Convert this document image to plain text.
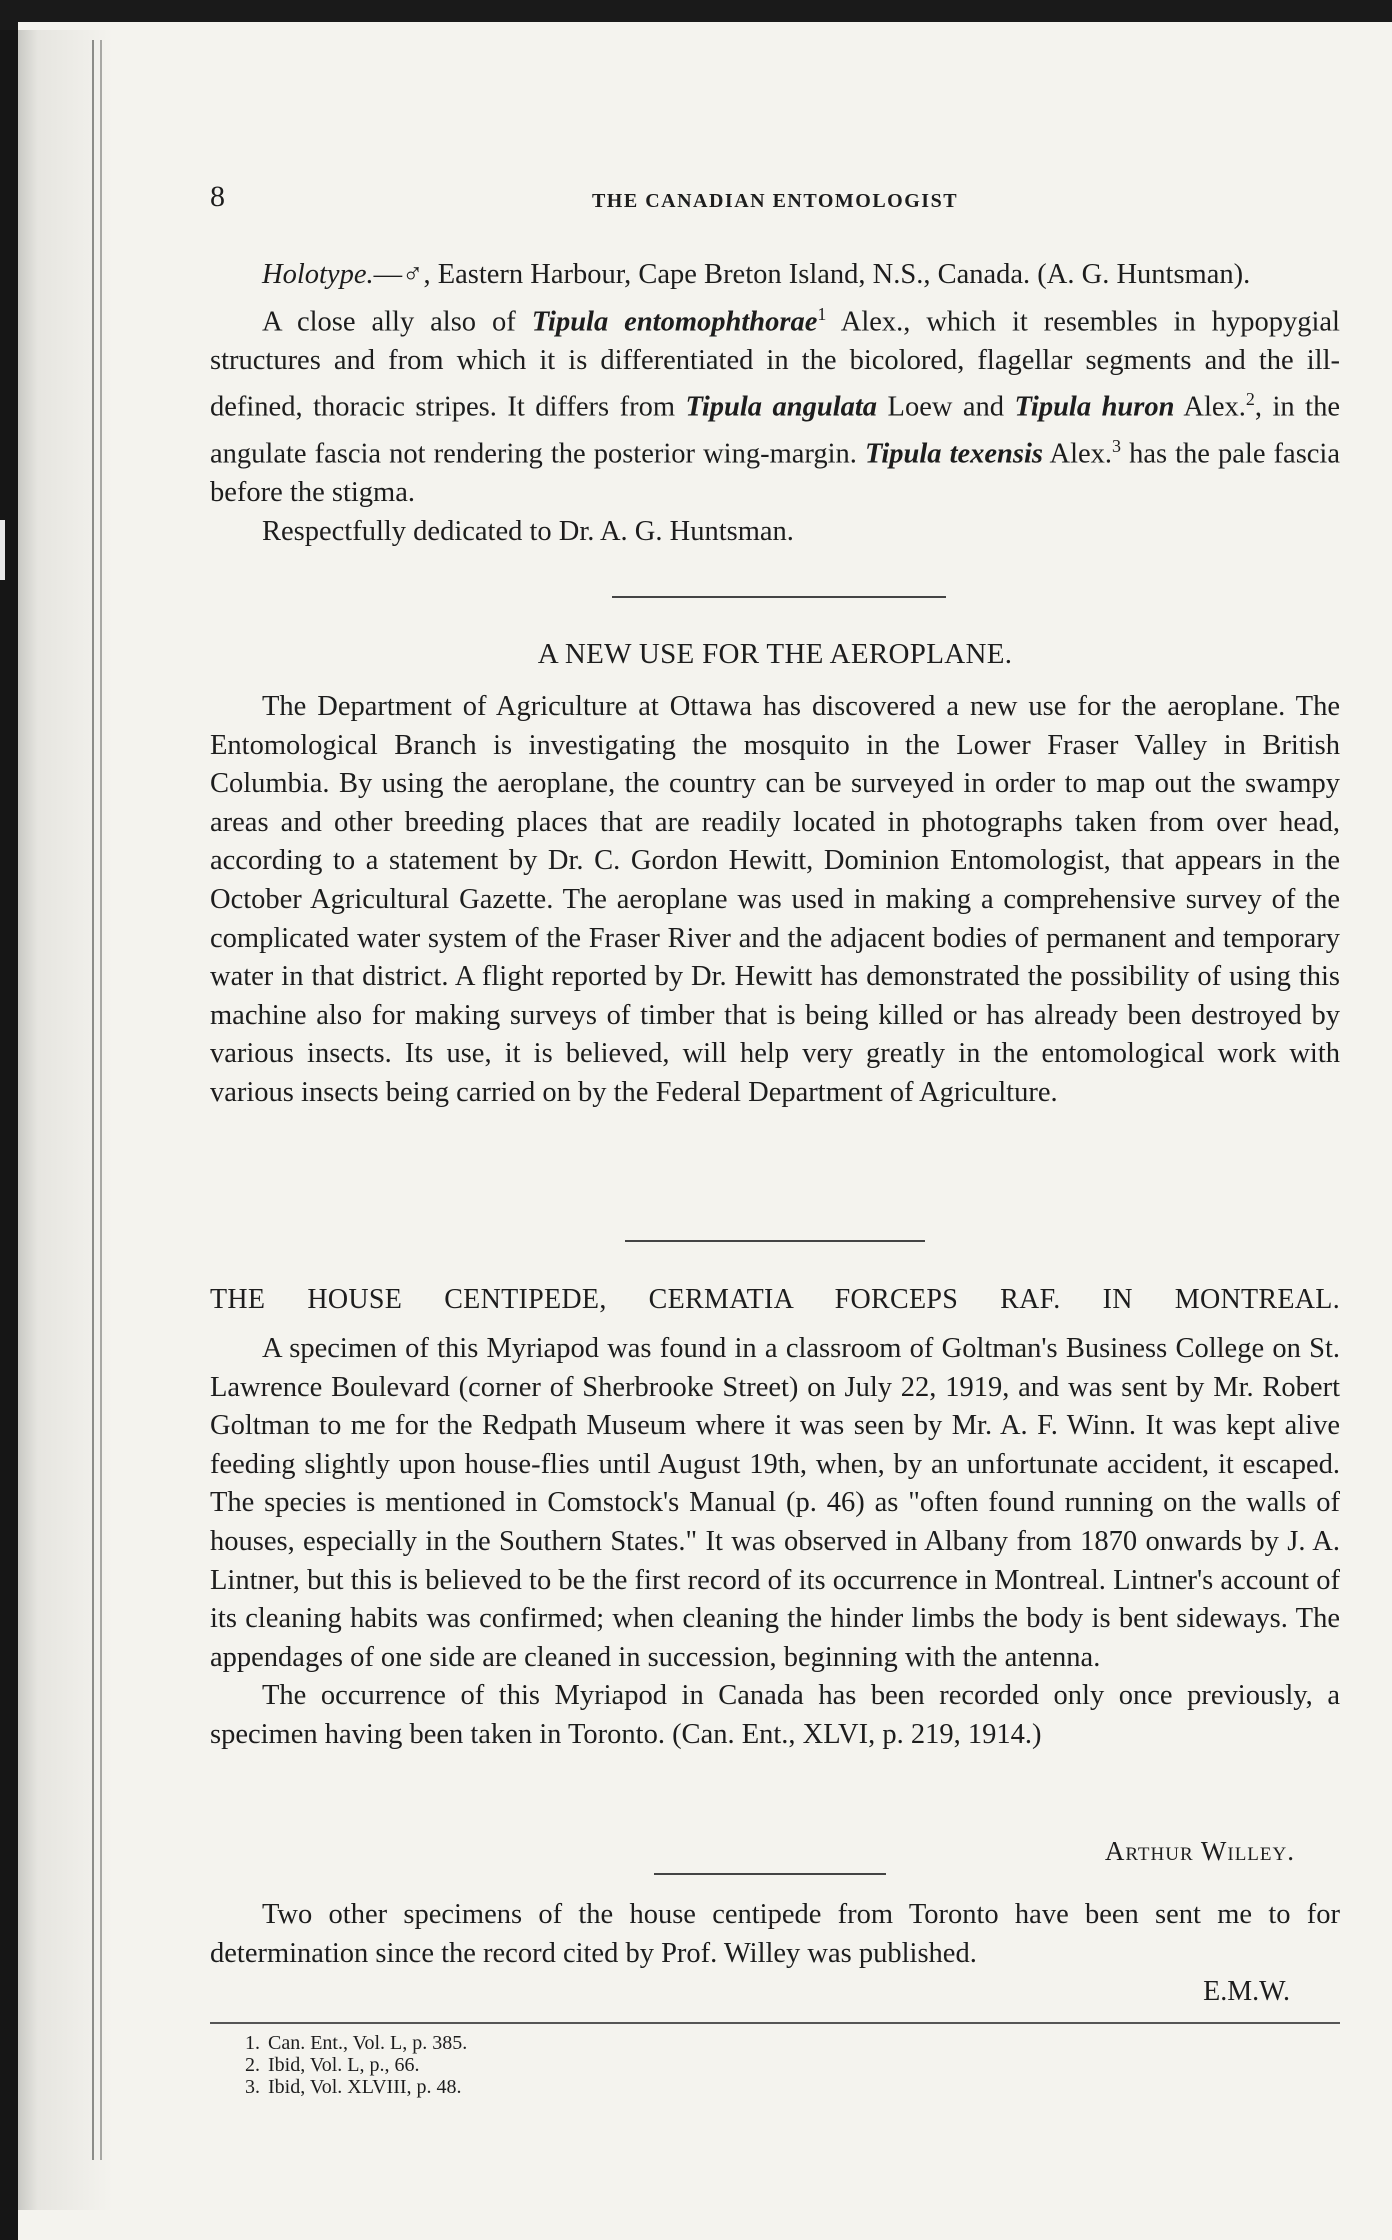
8	THE CANADIAN ENTOMOLOGIST

Holotype.—♂, Eastern Harbour, Cape Breton Island, N.S., Canada. (A. G. Huntsman).

A close ally also of Tipula entomophthorae$^1$ Alex., which it resembles in hypopygial structures and from which it is differentiated in the bicolored, flagellar segments and the ill-defined, thoracic stripes. It differs from Tipula angulata Loew and Tipula huron Alex.$^2$, in the angulate fascia not rendering the posterior wing-margin. Tipula texensis Alex.$^3$ has the pale fascia before the stigma.

Respectfully dedicated to Dr. A. G. Huntsman.

A NEW USE FOR THE AEROPLANE.

The Department of Agriculture at Ottawa has discovered a new use for the aeroplane. The Entomological Branch is investigating the mosquito in the Lower Fraser Valley in British Columbia. By using the aeroplane, the country can be surveyed in order to map out the swampy areas and other breeding places that are readily located in photographs taken from over head, according to a statement by Dr. C. Gordon Hewitt, Dominion Entomologist, that appears in the October Agricultural Gazette. The aeroplane was used in making a comprehensive survey of the complicated water system of the Fraser River and the adjacent bodies of permanent and temporary water in that district. A flight reported by Dr. Hewitt has demonstrated the possibility of using this machine also for making surveys of timber that is being killed or has already been destroyed by various insects. Its use, it is believed, will help very greatly in the entomological work with various insects being carried on by the Federal Department of Agriculture.

THE HOUSE CENTIPEDE, CERMATIA FORCEPS RAF. IN MONTREAL.

A specimen of this Myriapod was found in a classroom of Goltman's Business College on St. Lawrence Boulevard (corner of Sherbrooke Street) on July 22, 1919, and was sent by Mr. Robert Goltman to me for the Redpath Museum where it was seen by Mr. A. F. Winn. It was kept alive feeding slightly upon house-flies until August 19th, when, by an unfortunate accident, it escaped. The species is mentioned in Comstock's Manual (p. 46) as "often found running on the walls of houses, especially in the Southern States." It was observed in Albany from 1870 onwards by J. A. Lintner, but this is believed to be the first record of its occurrence in Montreal. Lintner's account of its cleaning habits was confirmed; when cleaning the hinder limbs the body is bent sideways. The appendages of one side are cleaned in succession, beginning with the antenna.

The occurrence of this Myriapod in Canada has been recorded only once previously, a specimen having been taken in Toronto. (Can. Ent., XLVI, p. 219, 1914.)

Arthur Willey.

Two other specimens of the house centipede from Toronto have been sent me to for determination since the record cited by Prof. Willey was published.

E.M.W.
1. Can. Ent., Vol. L, p. 385.
2. Ibid, Vol. L, p., 66.
3. Ibid, Vol. XLVIII, p. 48.
